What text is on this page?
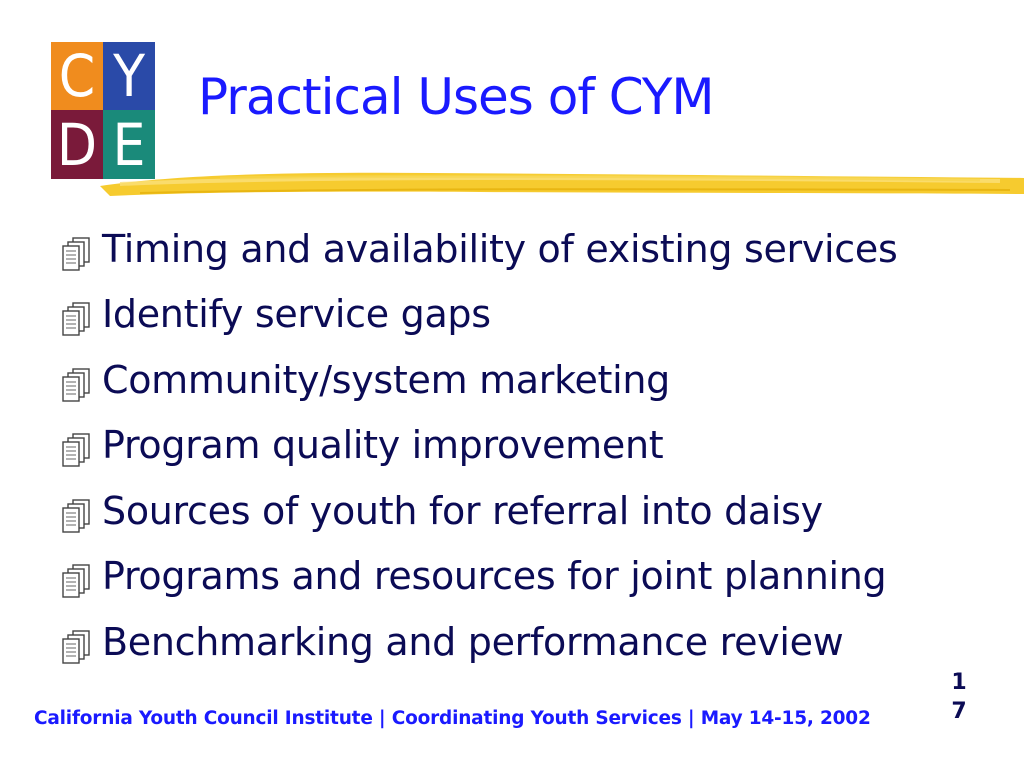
C Y
D E
Practical Uses of CYM
Timing and availability of existing services
Identify service gaps
Community/system marketing
Program quality improvement
Sources of youth for referral into daisy
Programs and resources for joint planning
Benchmarking and performance review
17
California Youth Council Institute | Coordinating Youth Services | May 14-15, 2002
